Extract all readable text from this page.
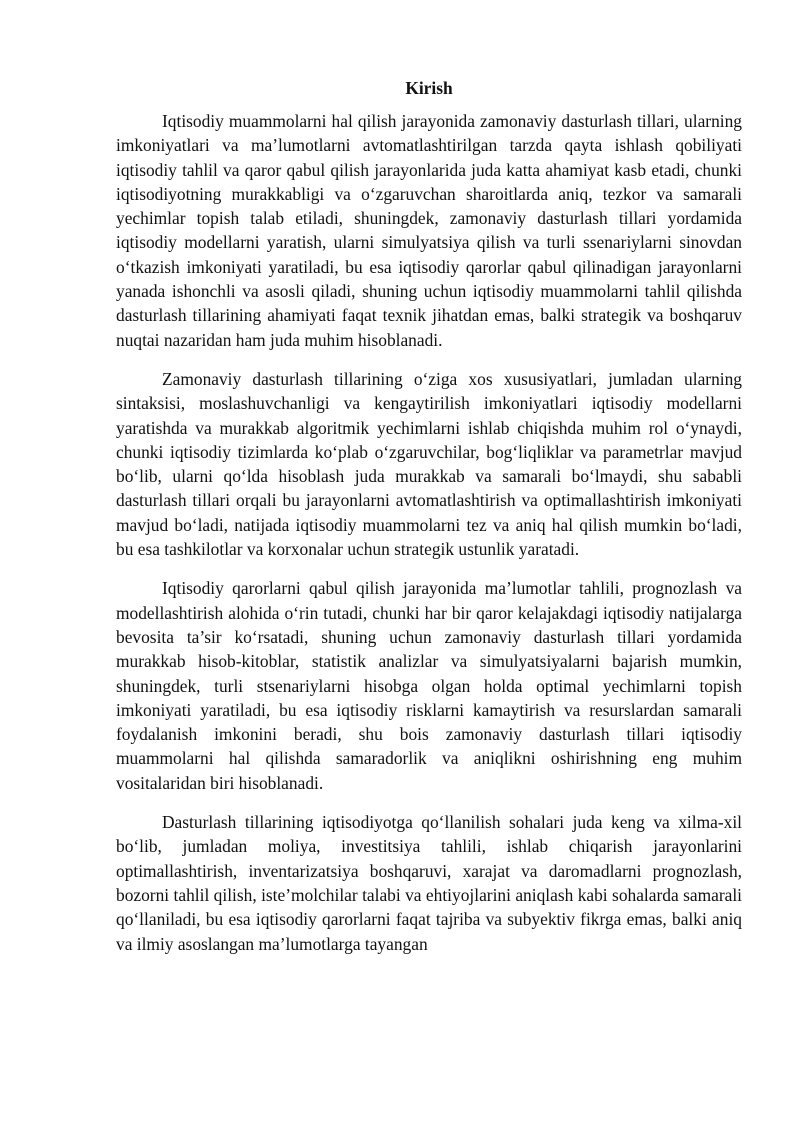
Kirish

Iqtisodiy muammolarni hal qilish jarayonida zamonaviy dasturlash tillari, ularning imkoniyatlari va ma’lumotlarni avtomatlashtirilgan tarzda qayta ishlash qobiliyati iqtisodiy tahlil va qaror qabul qilish jarayonlarida juda katta ahamiyat kasb etadi, chunki iqtisodiyotning murakkabligi va o‘zgaruvchan sharoitlarda aniq, tezkor va samarali yechimlar topish talab etiladi, shuningdek, zamonaviy dasturlash tillari yordamida iqtisodiy modellarni yaratish, ularni simulyatsiya qilish va turli ssenariylarni sinovdan o‘tkazish imkoniyati yaratiladi, bu esa iqtisodiy qarorlar qabul qilinadigan jarayonlarni yanada ishonchli va asosli qiladi, shuning uchun iqtisodiy muammolarni tahlil qilishda dasturlash tillarining ahamiyati faqat texnik jihatdan emas, balki strategik va boshqaruv nuqtai nazaridan ham juda muhim hisoblanadi.

Zamonaviy dasturlash tillarining o‘ziga xos xususiyatlari, jumladan ularning sintaksisi, moslashuvchanligi va kengaytirilish imkoniyatlari iqtisodiy modellarni yaratishda va murakkab algoritmik yechimlarni ishlab chiqishda muhim rol o‘ynaydi, chunki iqtisodiy tizimlarda ko‘plab o‘zgaruvchilar, bog‘liqliklar va parametrlar mavjud bo‘lib, ularni qo‘lda hisoblash juda murakkab va samarali bo‘lmaydi, shu sababli dasturlash tillari orqali bu jarayonlarni avtomatlashtirish va optimallashtirish imkoniyati mavjud bo‘ladi, natijada iqtisodiy muammolarni tez va aniq hal qilish mumkin bo‘ladi, bu esa tashkilotlar va korxonalar uchun strategik ustunlik yaratadi.

Iqtisodiy qarorlarni qabul qilish jarayonida ma’lumotlar tahlili, prognozlash va modellashtirish alohida o‘rin tutadi, chunki har bir qaror kelajakdagi iqtisodiy natijalarga bevosita ta’sir ko‘rsatadi, shuning uchun zamonaviy dasturlash tillari yordamida murakkab hisob-kitoblar, statistik analizlar va simulyatsiyalarni bajarish mumkin, shuningdek, turli stsenariylarni hisobga olgan holda optimal yechimlarni topish imkoniyati yaratiladi, bu esa iqtisodiy risklarni kamaytirish va resurslardan samarali foydalanish imkonini beradi, shu bois zamonaviy dasturlash tillari iqtisodiy muammolarni hal qilishda samaradorlik va aniqlikni oshirishning eng muhim vositalaridan biri hisoblanadi.

Dasturlash tillarining iqtisodiyotga qo‘llanilish sohalari juda keng va xilma-xil bo‘lib, jumladan moliya, investitsiya tahlili, ishlab chiqarish jarayonlarini optimallashtirish, inventarizatsiya boshqaruvi, xarajat va daromadlarni prognozlash, bozorni tahlil qilish, iste’molchilar talabi va ehtiyojlarini aniqlash kabi sohalarda samarali qo‘llaniladi, bu esa iqtisodiy qarorlarni faqat tajriba va subyektiv fikrga emas, balki aniq va ilmiy asoslangan ma’lumotlarga tayangan
